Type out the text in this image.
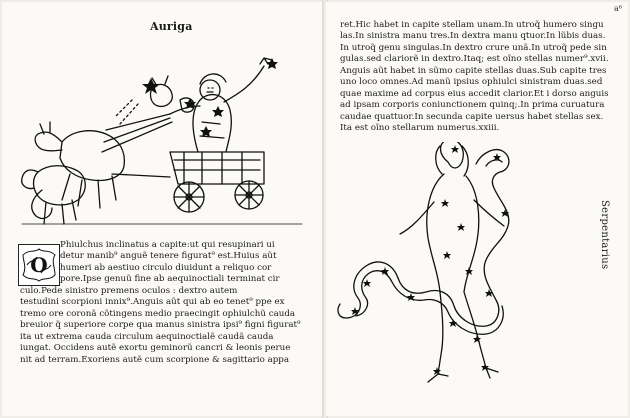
Auriga
O
Phiulchus inclinatus a capite:ut qui resupinari ui
detur manib⁹ anguẽ tenere figurat⁹ est.Huius aũt
humeri ab aestiuo circulo diuidunt a reliquo cor
pore.Ipse genuũ fine ab aequinoctiali terminat cir
culo.Pede sinistro premens oculos : dextro autem
testudini scorpioni innix⁹.Anguis aũt qui ab eo tenet⁹ ppe ex
tremo ore coronã cõtingens medio praecingit ophiulchũ cauda
breuior q̃ superiore corpe qua manus sinistra ipsi⁹ figni figurat⁹
ita ut extrema cauda circulum aequinoctialẽ caudã cauda
iungat. Occidens autẽ exortu geminorũ cancri & leonis perue
nit ad terram.Exoriens autẽ cum scorpione & sagittario appa
a⁶
ret.Hic habet in capite stellam unam.In utroq̃ humero singu
las.In sinistra manu tres.In dextra manu qtuor.In lũbis duas.
In utroq̃ genu singulas.In dextro crure unã.In utroq̃ pede sin
gulas.sed clariorẽ in dextro.Itaq; est oĩno stellas numer⁹.xvii.
Anguis aũt habet in sũmo capite stellas duas.Sub capite tres
uno loco omnes.Ad manũ ipsius ophiulci sinistram duas.sed
quae maxime ad corpus eius accedit clarior.Et i dorso anguis
ad ipsam corporis coniunctionem quinq;.In prima curuatura
caudae quattuor.In secunda capite uersus habet stellas sex.
Ita est oĩno stellarum numerus.xxiii.
Serpentarius
